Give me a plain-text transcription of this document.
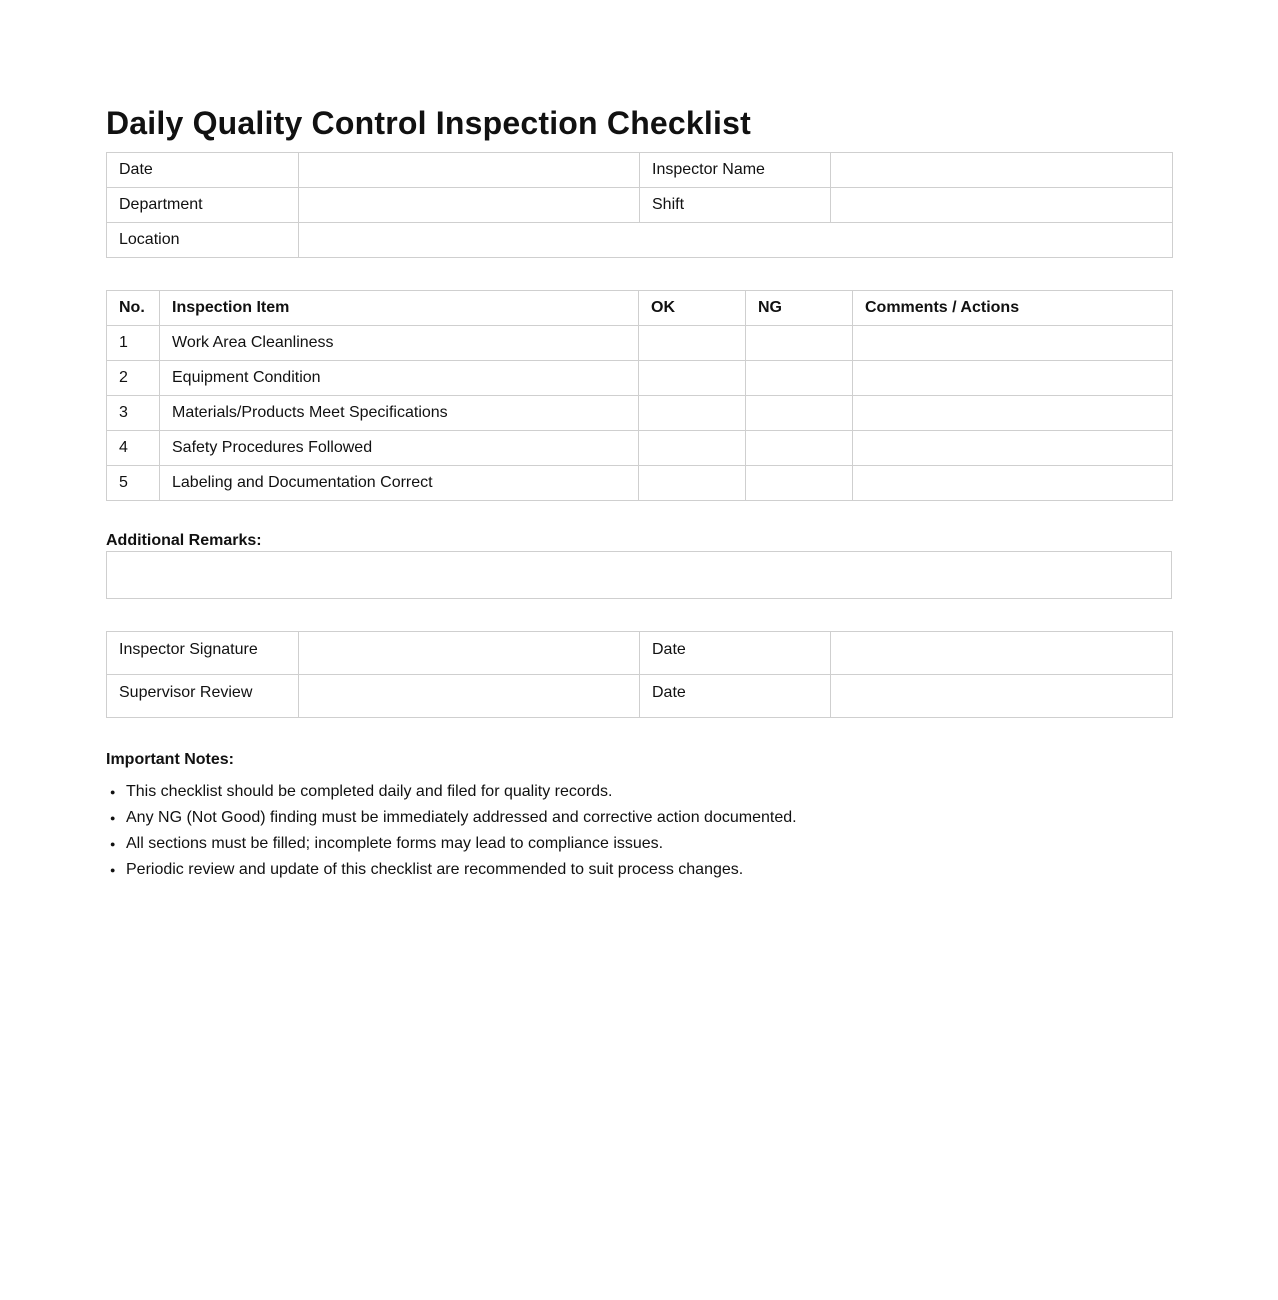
Daily Quality Control Inspection Checklist
Date		Inspector Name	
Department		Shift	
Location			
No.	Inspection Item	OK	NG	Comments / Actions
1	Work Area Cleanliness			
2	Equipment Condition			
3	Materials/Products Meet Specifications			
4	Safety Procedures Followed			
5	Labeling and Documentation Correct			
Additional Remarks:
Inspector Signature		Date	
Supervisor Review		Date	
Important Notes:
● This checklist should be completed daily and filed for quality records.
● Any NG (Not Good) finding must be immediately addressed and corrective action documented.
● All sections must be filled; incomplete forms may lead to compliance issues.
● Periodic review and update of this checklist are recommended to suit process changes.
